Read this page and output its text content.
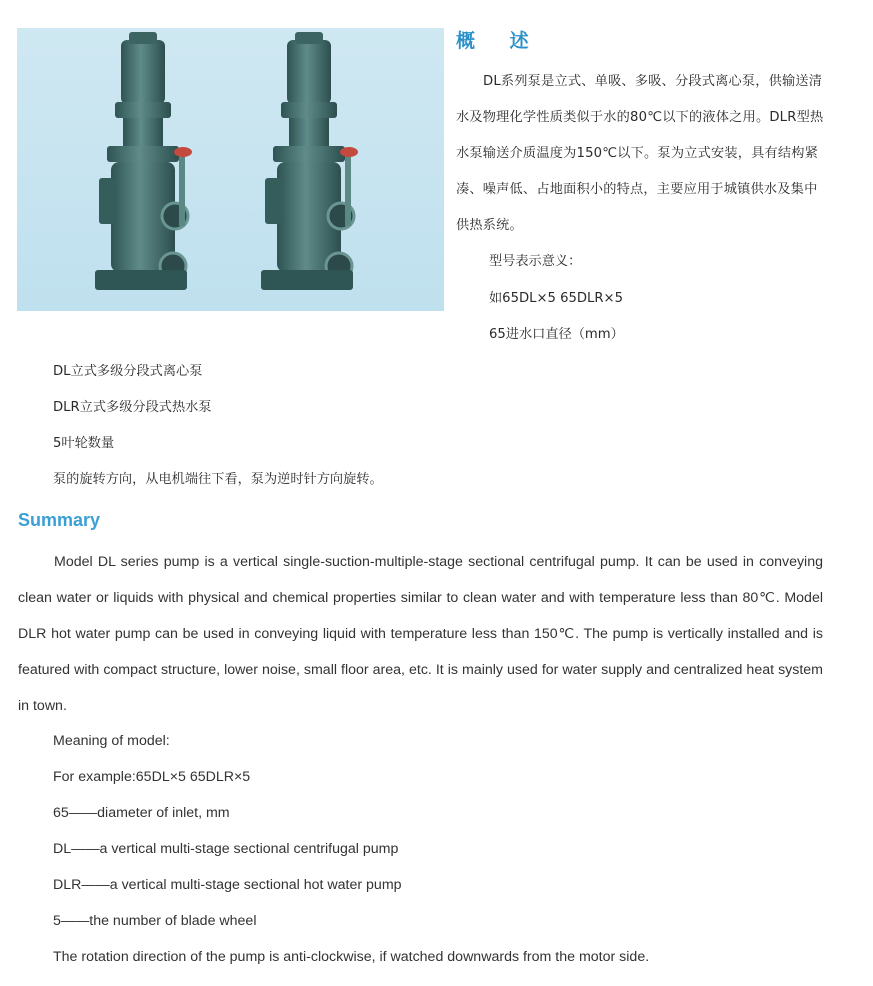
概 述
DL系列泵是立式、单吸、多吸、分段式离心泵，供输送清水及物理化学性质类似于水的80℃以下的液体之用。DLR型热水泵输送介质温度为150℃以下。泵为立式安装，具有结构紧凑、噪声低、占地面积小的特点，主要应用于城镇供水及集中供热系统。
型号表示意义：
如65DL×5 65DLR×5
65进水口直径（mm）
DL立式多级分段式离心泵
DLR立式多级分段式热水泵
5叶轮数量
泵的旋转方向，从电机端往下看，泵为逆时针方向旋转。
Summary
Model DL series pump is a vertical single-suction-multiple-stage sectional centrifugal pump. It can be used in conveying clean water or liquids with physical and chemical properties similar to clean water and with temperature less than 80℃. Model DLR hot water pump can be used in conveying liquid with temperature less than 150℃. The pump is vertically installed and is featured with compact structure, lower noise, small floor area, etc. It is mainly used for water supply and centralized heat system in town.
Meaning of model:
For example:65DL×5 65DLR×5
65——diameter of inlet, mm
DL——a vertical multi-stage sectional centrifugal pump
DLR——a vertical multi-stage sectional hot water pump
5——the number of blade wheel
The rotation direction of the pump is anti-clockwise, if watched downwards from the motor side.
